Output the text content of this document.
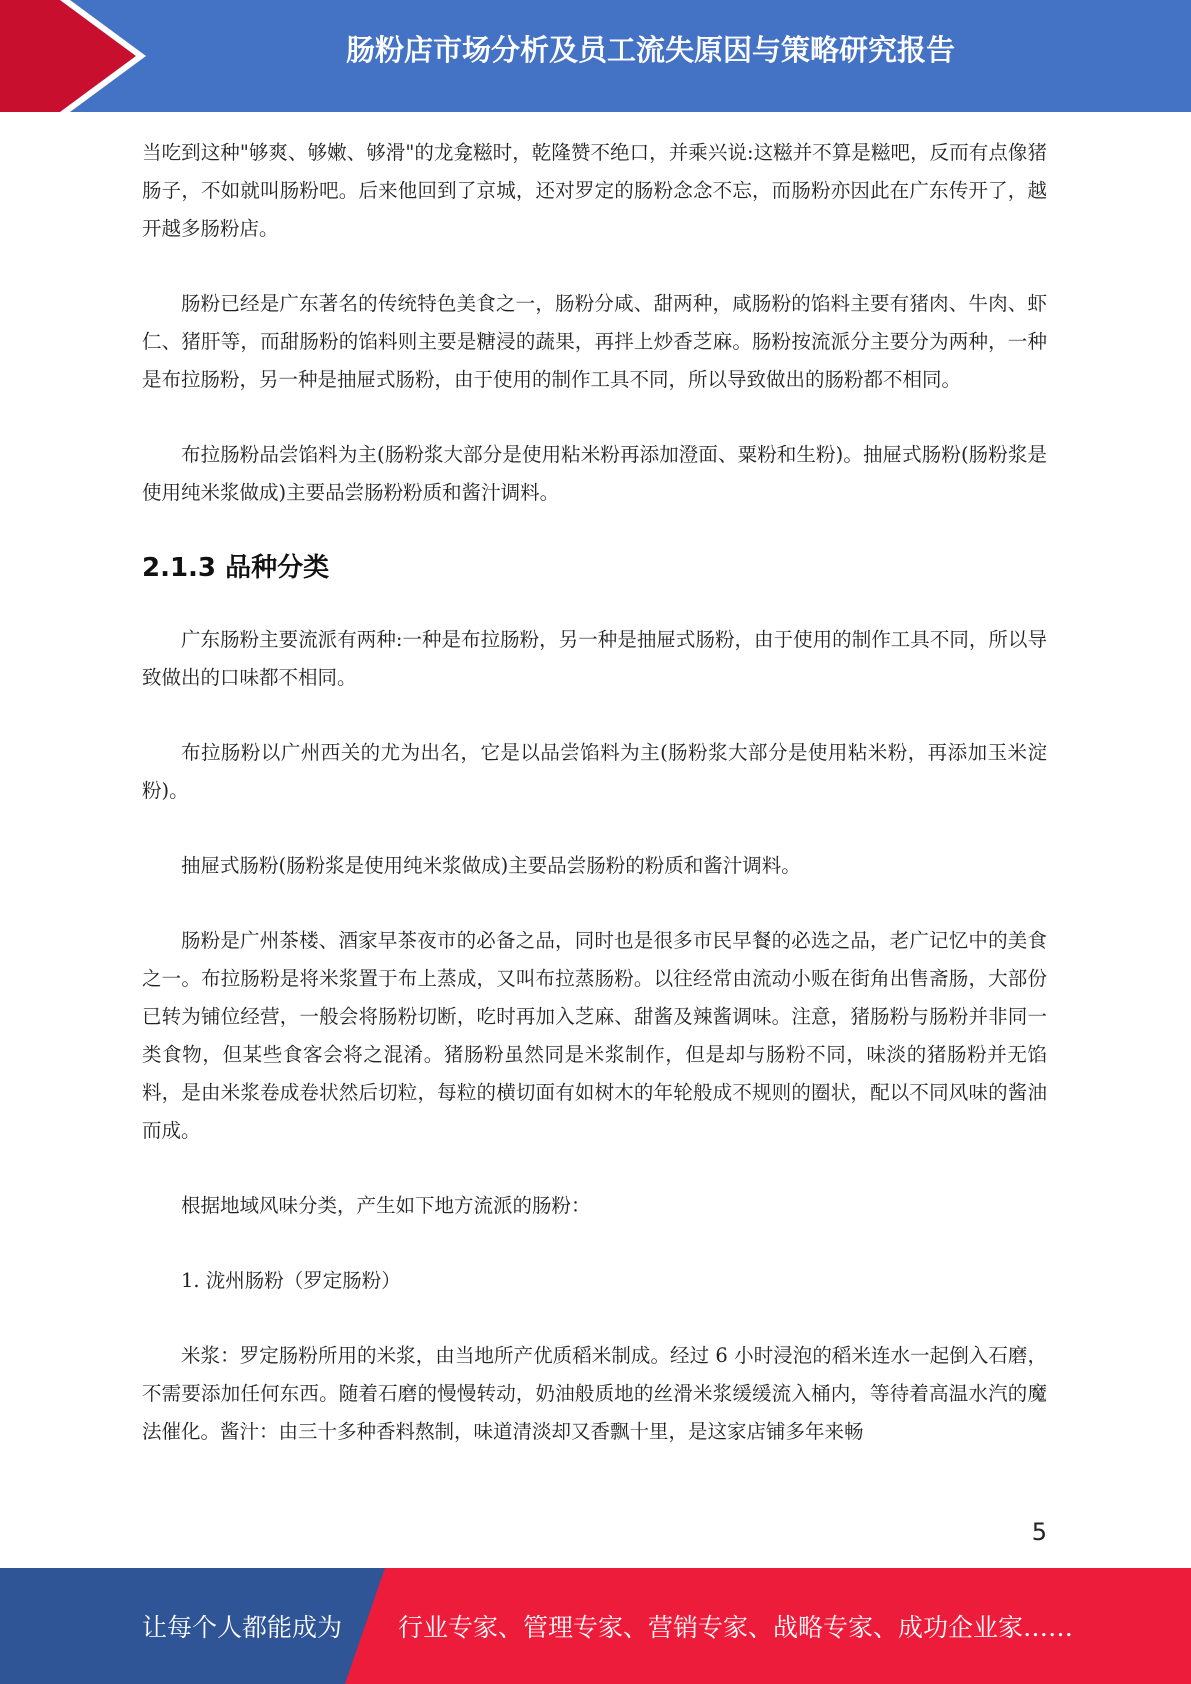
肠粉店市场分析及员工流失原因与策略研究报告

当吃到这种"够爽、够嫩、够滑"的龙龛糍时，乾隆赞不绝口，并乘兴说:这糍并不算是糍吧，反而有点像猪肠子，不如就叫肠粉吧。后来他回到了京城，还对罗定的肠粉念念不忘，而肠粉亦因此在广东传开了，越开越多肠粉店。

肠粉已经是广东著名的传统特色美食之一，肠粉分咸、甜两种，咸肠粉的馅料主要有猪肉、牛肉、虾仁、猪肝等，而甜肠粉的馅料则主要是糖浸的蔬果，再拌上炒香芝麻。肠粉按流派分主要分为两种，一种是布拉肠粉，另一种是抽屉式肠粉，由于使用的制作工具不同，所以导致做出的肠粉都不相同。

布拉肠粉品尝馅料为主(肠粉浆大部分是使用粘米粉再添加澄面、粟粉和生粉)。抽屉式肠粉(肠粉浆是使用纯米浆做成)主要品尝肠粉粉质和酱汁调料。

2.1.3 品种分类

广东肠粉主要流派有两种:一种是布拉肠粉，另一种是抽屉式肠粉，由于使用的制作工具不同，所以导致做出的口味都不相同。

布拉肠粉以广州西关的尤为出名，它是以品尝馅料为主(肠粉浆大部分是使用粘米粉，再添加玉米淀粉)。

抽屉式肠粉(肠粉浆是使用纯米浆做成)主要品尝肠粉的粉质和酱汁调料。

肠粉是广州茶楼、酒家早茶夜市的必备之品，同时也是很多市民早餐的必选之品，老广记忆中的美食之一。布拉肠粉是将米浆置于布上蒸成，又叫布拉蒸肠粉。以往经常由流动小贩在街角出售斋肠，大部份已转为铺位经营，一般会将肠粉切断，吃时再加入芝麻、甜酱及辣酱调味。注意，猪肠粉与肠粉并非同一类食物，但某些食客会将之混淆。猪肠粉虽然同是米浆制作，但是却与肠粉不同，味淡的猪肠粉并无馅料，是由米浆卷成卷状然后切粒，每粒的横切面有如树木的年轮般成不规则的圈状，配以不同风味的酱油而成。

根据地域风味分类，产生如下地方流派的肠粉：

1. 泷州肠粉（罗定肠粉）

米浆：罗定肠粉所用的米浆，由当地所产优质稻米制成。经过 6 小时浸泡的稻米连水一起倒入石磨，不需要添加任何东西。随着石磨的慢慢转动，奶油般质地的丝滑米浆缓缓流入桶内，等待着高温水汽的魔法催化。酱汁：由三十多种香料熬制，味道清淡却又香飘十里，是这家店铺多年来畅

5
让每个人都能成为 行业专家、管理专家、营销专家、战略专家、成功企业家……
